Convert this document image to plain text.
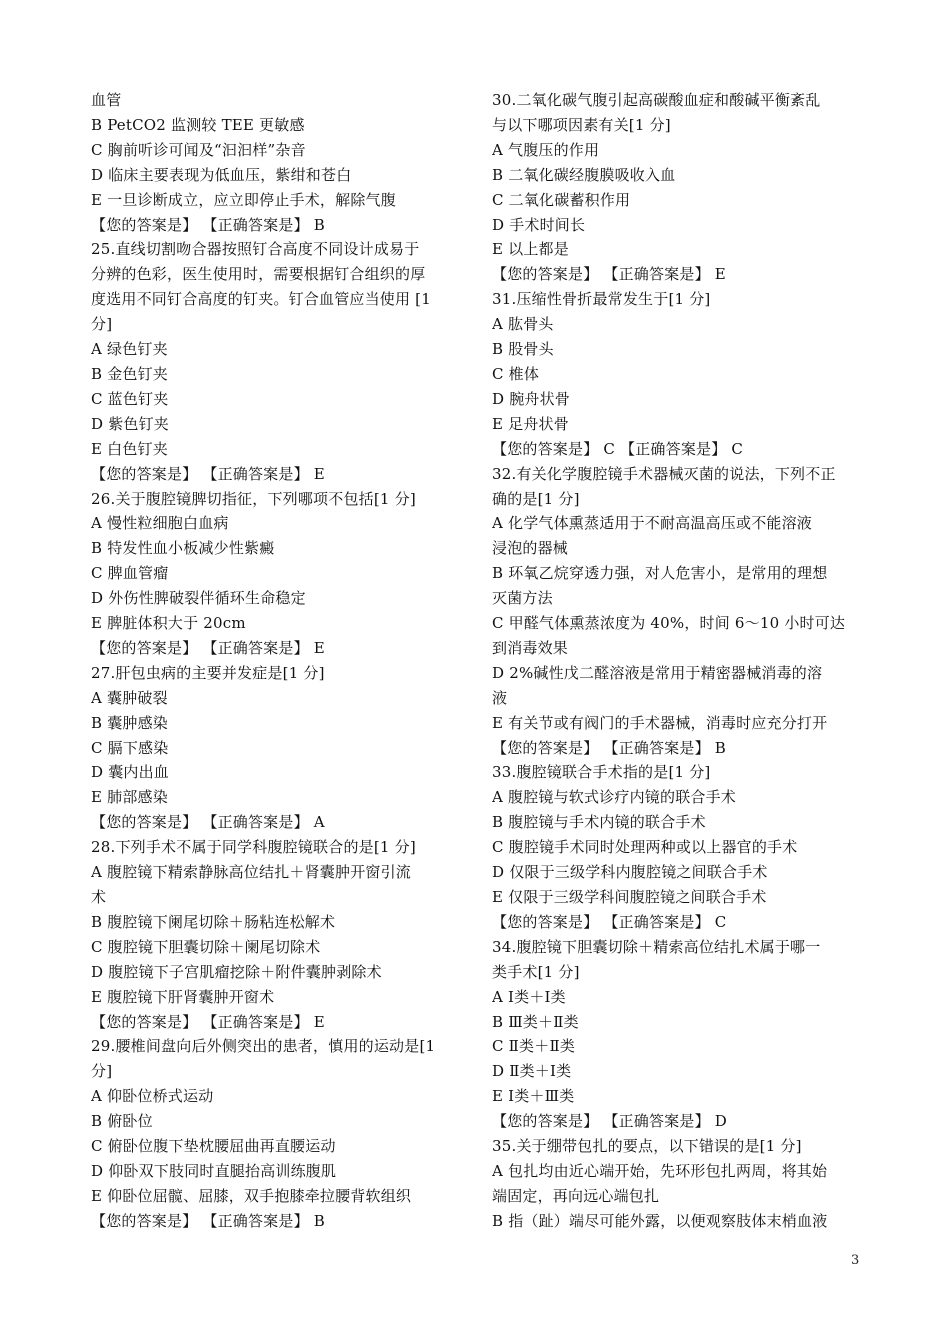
血管
B PetCO2 监测较 TEE 更敏感
C 胸前听诊可闻及“汩汩样”杂音
D 临床主要表现为低血压，紫绀和苍白
E 一旦诊断成立，应立即停止手术，解除气腹
【您的答案是】 【正确答案是】 B
25.直线切割吻合器按照钉合高度不同设计成易于
分辨的色彩，医生使用时，需要根据钉合组织的厚
度选用不同钉合高度的钉夹。钉合血管应当使用 [1
分]
A 绿色钉夹
B 金色钉夹
C 蓝色钉夹
D 紫色钉夹
E 白色钉夹
【您的答案是】 【正确答案是】 E
26.关于腹腔镜脾切指征，下列哪项不包括[1 分]
A 慢性粒细胞白血病
B 特发性血小板减少性紫癜
C 脾血管瘤
D 外伤性脾破裂伴循环生命稳定
E 脾脏体积大于 20cm
【您的答案是】 【正确答案是】 E
27.肝包虫病的主要并发症是[1 分]
A 囊肿破裂
B 囊肿感染
C 膈下感染
D 囊内出血
E 肺部感染
【您的答案是】 【正确答案是】 A
28.下列手术不属于同学科腹腔镜联合的是[1 分]
A 腹腔镜下精索静脉高位结扎＋肾囊肿开窗引流
术
B 腹腔镜下阑尾切除＋肠粘连松解术
C 腹腔镜下胆囊切除＋阑尾切除术
D 腹腔镜下子宫肌瘤挖除＋附件囊肿剥除术
E 腹腔镜下肝肾囊肿开窗术
【您的答案是】 【正确答案是】 E
29.腰椎间盘向后外侧突出的患者，慎用的运动是[1
分]
A 仰卧位桥式运动
B 俯卧位
C 俯卧位腹下垫枕腰屈曲再直腰运动
D 仰卧双下肢同时直腿抬高训练腹肌
E 仰卧位屈髋、屈膝，双手抱膝牵拉腰背软组织
【您的答案是】 【正确答案是】 B
30.二氧化碳气腹引起高碳酸血症和酸碱平衡紊乱
与以下哪项因素有关[1 分]
A 气腹压的作用
B 二氧化碳经腹膜吸收入血
C 二氧化碳蓄积作用
D 手术时间长
E 以上都是
【您的答案是】 【正确答案是】 E
31.压缩性骨折最常发生于[1 分]
A 肱骨头
B 股骨头
C 椎体
D 腕舟状骨
E 足舟状骨
【您的答案是】 C 【正确答案是】 C
32.有关化学腹腔镜手术器械灭菌的说法，下列不正
确的是[1 分]
A 化学气体熏蒸适用于不耐高温高压或不能溶液
浸泡的器械
B 环氧乙烷穿透力强，对人危害小，是常用的理想
灭菌方法
C 甲醛气体熏蒸浓度为 40%，时间 6～10 小时可达
到消毒效果
D 2%碱性戊二醛溶液是常用于精密器械消毒的溶
液
E 有关节或有阀门的手术器械，消毒时应充分打开
【您的答案是】 【正确答案是】 B
33.腹腔镜联合手术指的是[1 分]
A 腹腔镜与软式诊疗内镜的联合手术
B 腹腔镜与手术内镜的联合手术
C 腹腔镜手术同时处理两种或以上器官的手术
D 仅限于三级学科内腹腔镜之间联合手术
E 仅限于三级学科间腹腔镜之间联合手术
【您的答案是】 【正确答案是】 C
34.腹腔镜下胆囊切除＋精索高位结扎术属于哪一
类手术[1 分]
A Ⅰ类＋Ⅰ类
B Ⅲ类＋Ⅱ类
C Ⅱ类＋Ⅱ类
D Ⅱ类＋Ⅰ类
E Ⅰ类＋Ⅲ类
【您的答案是】 【正确答案是】 D
35.关于绷带包扎的要点，以下错误的是[1 分]
A 包扎均由近心端开始，先环形包扎两周，将其始
端固定，再向远心端包扎
B 指（趾）端尽可能外露，以便观察肢体末梢血液
3
